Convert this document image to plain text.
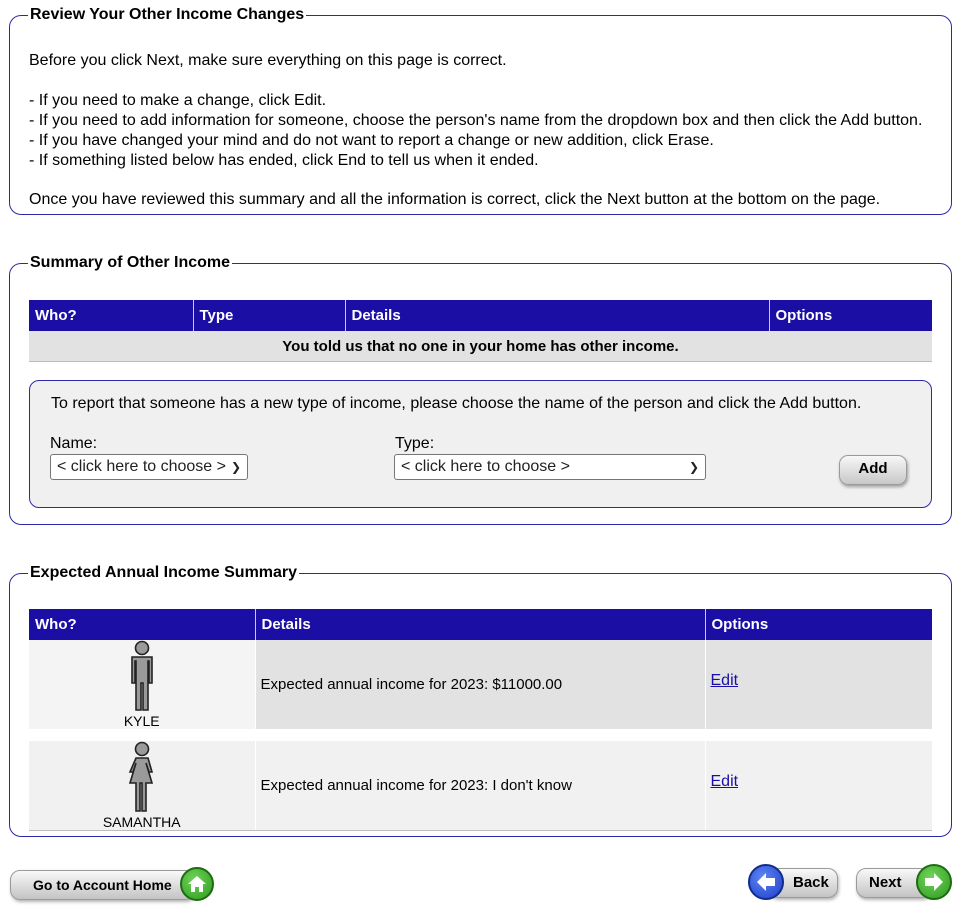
Review Your Other Income Changes
Before you click Next, make sure everything on this page is correct.
- If you need to make a change, click Edit.
- If you need to add information for someone, choose the person's name from the dropdown box and then click the Add button.
- If you have changed your mind and do not want to report a change or new addition, click Erase.
- If something listed below has ended, click End to tell us when it ended.
Once you have reviewed this summary and all the information is correct, click the Next button at the bottom on the page.
Summary of Other Income
Who?	Type	Details	Options
You told us that no one in your home has other income.
To report that someone has a new type of income, please choose the name of the person and click the Add button.
Name:
< click here to choose > ❯
Type:
< click here to choose >	❯	Add
Expected Annual Income Summary
Who?	Details	Options

KYLE	Expected annual income for 2023: $11000.00	Edit

SAMANTHA	Expected annual income for 2023: I don't know	Edit
Go to Account Home	Back	Next
